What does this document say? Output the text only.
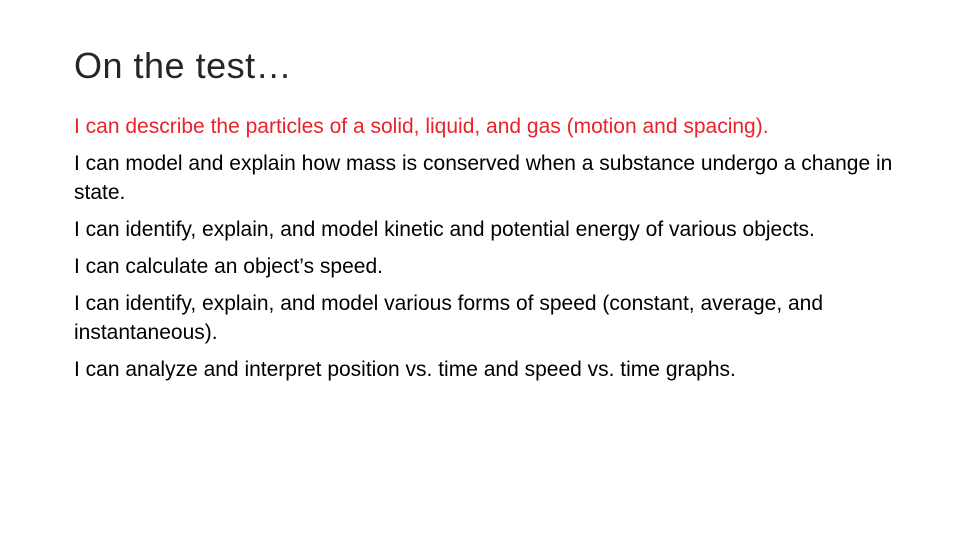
On the test…
I can describe the particles of a solid, liquid, and gas (motion and spacing).
I can model and explain how mass is conserved when a substance undergo a change in state.
I can identify, explain, and model kinetic and potential energy of various objects.
I can calculate an object’s speed.
I can identify, explain, and model various forms of speed (constant, average, and instantaneous).
I can analyze and interpret position vs. time and speed vs. time graphs.
